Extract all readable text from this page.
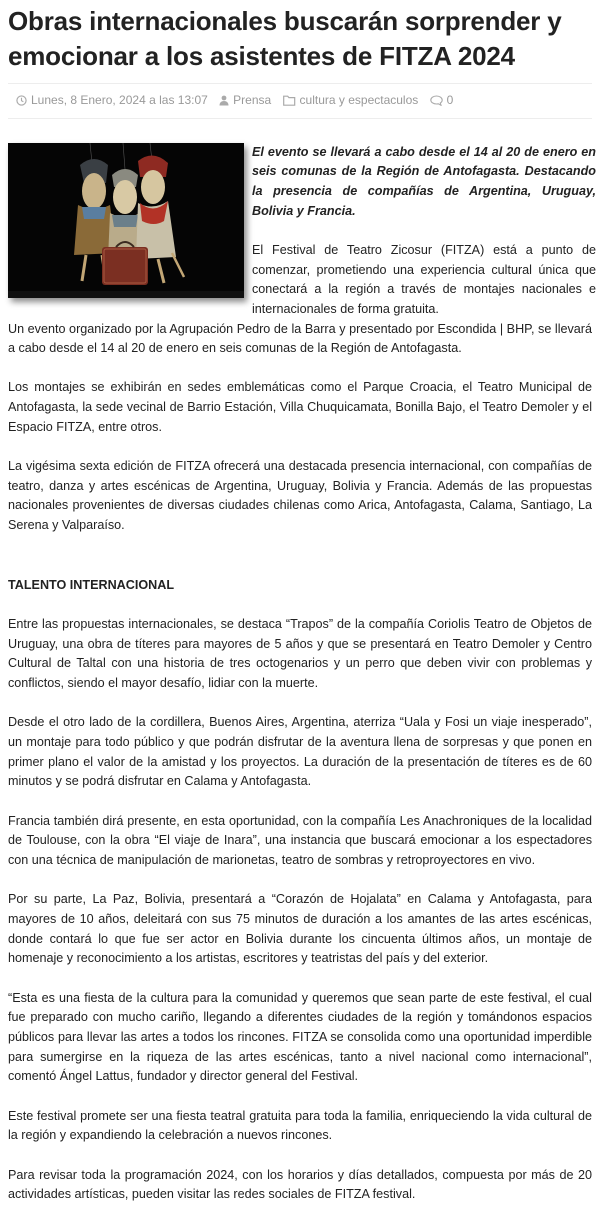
Obras internacionales buscarán sorprender y emocionar a los asistentes de FITZA 2024
Lunes, 8 Enero, 2024 a las 13:07
Prensa
cultura y espectaculos
0

El evento se llevará a cabo desde el 14 al 20 de enero en seis comunas de la Región de Antofagasta. Destacando la presencia de compañías de Argentina, Uruguay, Bolivia y Francia.

El Festival de Teatro Zicosur (FITZA) está a punto de comenzar, prometiendo una experiencia cultural única que conectará a la región a través de montajes nacionales e internacionales de forma gratuita.

Un evento organizado por la Agrupación Pedro de la Barra y presentado por Escondida | BHP, se llevará a cabo desde el 14 al 20 de enero en seis comunas de la Región de Antofagasta.

Los montajes se exhibirán en sedes emblemáticas como el Parque Croacia, el Teatro Municipal de Antofagasta, la sede vecinal de Barrio Estación, Villa Chuquicamata, Bonilla Bajo, el Teatro Demoler y el Espacio FITZA, entre otros.

La vigésima sexta edición de FITZA ofrecerá una destacada presencia internacional, con compañías de teatro, danza y artes escénicas de Argentina, Uruguay, Bolivia y Francia. Además de las propuestas nacionales provenientes de diversas ciudades chilenas como Arica, Antofagasta, Calama, Santiago, La Serena y Valparaíso.

TALENTO INTERNACIONAL

Entre las propuestas internacionales, se destaca “Trapos” de la compañía Coriolis Teatro de Objetos de Uruguay, una obra de títeres para mayores de 5 años y que se presentará en Teatro Demoler y Centro Cultural de Taltal con una historia de tres octogenarios y un perro que deben vivir con problemas y conflictos, siendo el mayor desafío, lidiar con la muerte.

Desde el otro lado de la cordillera, Buenos Aires, Argentina, aterriza “Uala y Fosi un viaje inesperado”, un montaje para todo público y que podrán disfrutar de la aventura llena de sorpresas y que ponen en primer plano el valor de la amistad y los proyectos. La duración de la presentación de títeres es de 60 minutos y se podrá disfrutar en Calama y Antofagasta.

Francia también dirá presente, en esta oportunidad, con la compañía Les Anachroniques de la localidad de Toulouse, con la obra “El viaje de Inara”, una instancia que buscará emocionar a los espectadores con una técnica de manipulación de marionetas, teatro de sombras y retroproyectores en vivo.

Por su parte, La Paz, Bolivia, presentará a “Corazón de Hojalata” en Calama y Antofagasta, para mayores de 10 años, deleitará con sus 75 minutos de duración a los amantes de las artes escénicas, donde contará lo que fue ser actor en Bolivia durante los cincuenta últimos años, un montaje de homenaje y reconocimiento a los artistas, escritores y teatristas del país y del exterior.

“Esta es una fiesta de la cultura para la comunidad y queremos que sean parte de este festival, el cual fue preparado con mucho cariño, llegando a diferentes ciudades de la región y tomándonos espacios públicos para llevar las artes a todos los rincones. FITZA se consolida como una oportunidad imperdible para sumergirse en la riqueza de las artes escénicas, tanto a nivel nacional como internacional”, comentó Ángel Lattus, fundador y director general del Festival.

Este festival promete ser una fiesta teatral gratuita para toda la familia, enriqueciendo la vida cultural de la región y expandiendo la celebración a nuevos rincones.

Para revisar toda la programación 2024, con los horarios y días detallados, compuesta por más de 20 actividades artísticas, pueden visitar las redes sociales de FITZA festival.
